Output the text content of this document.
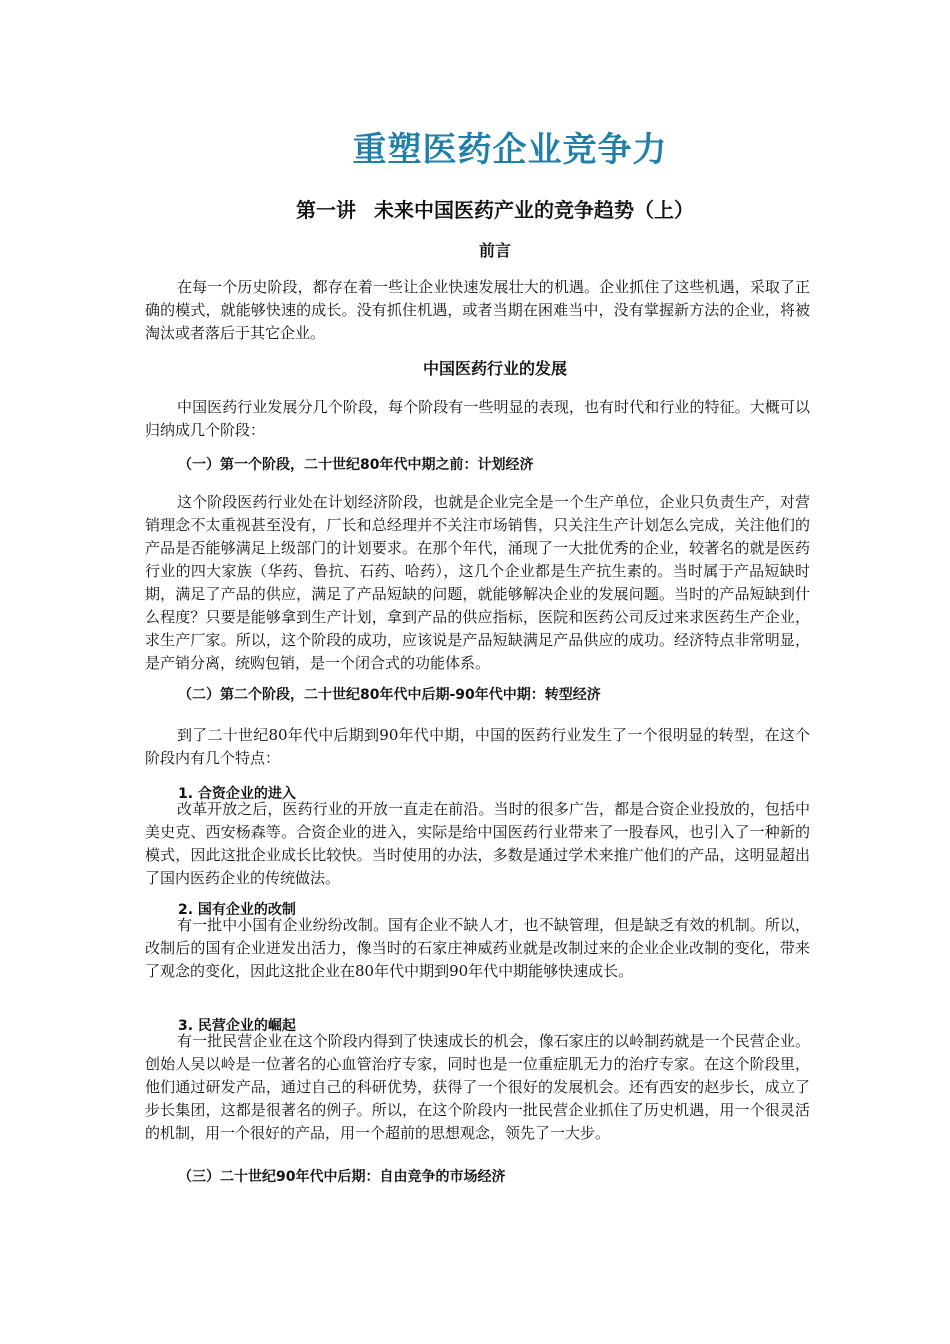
重塑医药企业竞争力
第一讲 未来中国医药产业的竞争趋势（上）
前言

在每一个历史阶段，都存在着一些让企业快速发展壮大的机遇。企业抓住了这些机遇，采取了正确的模式，就能够快速的成长。没有抓住机遇，或者当期在困难当中，没有掌握新方法的企业，将被淘汰或者落后于其它企业。

中国医药行业的发展

中国医药行业发展分几个阶段，每个阶段有一些明显的表现，也有时代和行业的特征。大概可以归纳成几个阶段：

（一）第一个阶段，二十世纪80年代中期之前：计划经济

这个阶段医药行业处在计划经济阶段，也就是企业完全是一个生产单位，企业只负责生产，对营销理念不太重视甚至没有，厂长和总经理并不关注市场销售，只关注生产计划怎么完成，关注他们的产品是否能够满足上级部门的计划要求。在那个年代，涌现了一大批优秀的企业，较著名的就是医药行业的四大家族（华药、鲁抗、石药、哈药），这几个企业都是生产抗生素的。当时属于产品短缺时期，满足了产品的供应，满足了产品短缺的问题，就能够解决企业的发展问题。当时的产品短缺到什么程度？只要是能够拿到生产计划，拿到产品的供应指标，医院和医药公司反过来求医药生产企业，求生产厂家。所以，这个阶段的成功，应该说是产品短缺满足产品供应的成功。经济特点非常明显，是产销分离，统购包销，是一个闭合式的功能体系。

（二）第二个阶段，二十世纪80年代中后期-90年代中期：转型经济

到了二十世纪80年代中后期到90年代中期，中国的医药行业发生了一个很明显的转型，在这个阶段内有几个特点：

1. 合资企业的进入

改革开放之后，医药行业的开放一直走在前沿。当时的很多广告，都是合资企业投放的，包括中美史克、西安杨森等。合资企业的进入，实际是给中国医药行业带来了一股春风，也引入了一种新的模式，因此这批企业成长比较快。当时使用的办法，多数是通过学术来推广他们的产品，这明显超出了国内医药企业的传统做法。

2. 国有企业的改制

有一批中小国有企业纷纷改制。国有企业不缺人才，也不缺管理，但是缺乏有效的机制。所以，改制后的国有企业迸发出活力，像当时的石家庄神威药业就是改制过来的企业企业改制的变化，带来了观念的变化，因此这批企业在80年代中期到90年代中期能够快速成长。

3. 民营企业的崛起

有一批民营企业在这个阶段内得到了快速成长的机会，像石家庄的以岭制药就是一个民营企业。创始人吴以岭是一位著名的心血管治疗专家，同时也是一位重症肌无力的治疗专家。在这个阶段里，他们通过研发产品，通过自己的科研优势，获得了一个很好的发展机会。还有西安的赵步长，成立了步长集团，这都是很著名的例子。所以，在这个阶段内一批民营企业抓住了历史机遇，用一个很灵活的机制，用一个很好的产品，用一个超前的思想观念，领先了一大步。

（三）二十世纪90年代中后期：自由竞争的市场经济
